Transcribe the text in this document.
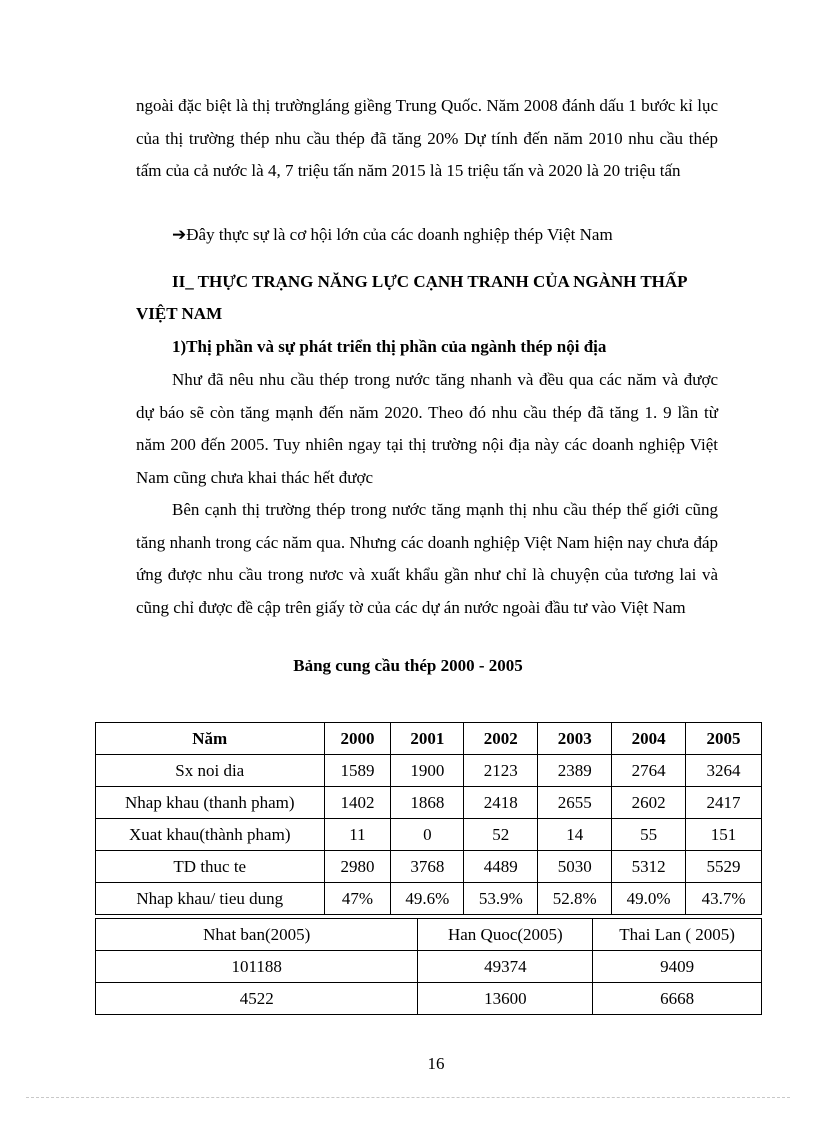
ngoài đặc biệt là thị trườngláng giềng Trung Quốc. Năm 2008 đánh dấu 1 bước kỉ lục của thị trường thép nhu cầu thép đã tăng 20% Dự tính đến năm 2010 nhu cầu thép tấm của cả nước là 4, 7 triệu tấn năm 2015 là 15 triệu tấn và 2020 là 20 triệu tấn

➔Đây thực sự là cơ hội lớn của các doanh nghiệp thép Việt Nam
II_ THỰC TRẠNG NĂNG LỰC CẠNH TRANH CỦA NGÀNH THẤP VIỆT NAM
1)Thị phần và sự phát triển thị phần của ngành thép nội địa

Như đã nêu nhu cầu thép trong nước tăng nhanh và đều qua các năm và được dự báo sẽ còn tăng mạnh đến năm 2020. Theo đó nhu cầu thép đã tăng 1. 9 lần từ năm 200 đến 2005. Tuy nhiên ngay tại thị trường nội địa này các doanh nghiệp Việt Nam cũng chưa khai thác hết được

Bên cạnh thị trường thép trong nước tăng mạnh thị nhu cầu thép thế giới cũng tăng nhanh trong các năm qua. Nhưng các doanh nghiệp Việt Nam hiện nay chưa đáp ứng được nhu cầu trong nươc và xuất khẩu gần như chỉ là chuyện của tương lai và cũng chỉ được đề cập trên giấy tờ của các dự án nước ngoài đầu tư vào Việt Nam

Bảng cung cầu thép 2000 - 2005
Năm	2000	2001	2002	2003	2004	2005
Sx noi dia	1589	1900	2123	2389	2764	3264
Nhap khau (thanh pham)	1402	1868	2418	2655	2602	2417
Xuat khau(thành pham)	11	0	52	14	55	151
TD thuc te	2980	3768	4489	5030	5312	5529
Nhap khau/ tieu dung	47%	49.6%	53.9%	52.8%	49.0%	43.7%
Nhat ban(2005)	Han Quoc(2005)	Thai Lan ( 2005)
101188	49374	9409
4522	13600	6668
16
